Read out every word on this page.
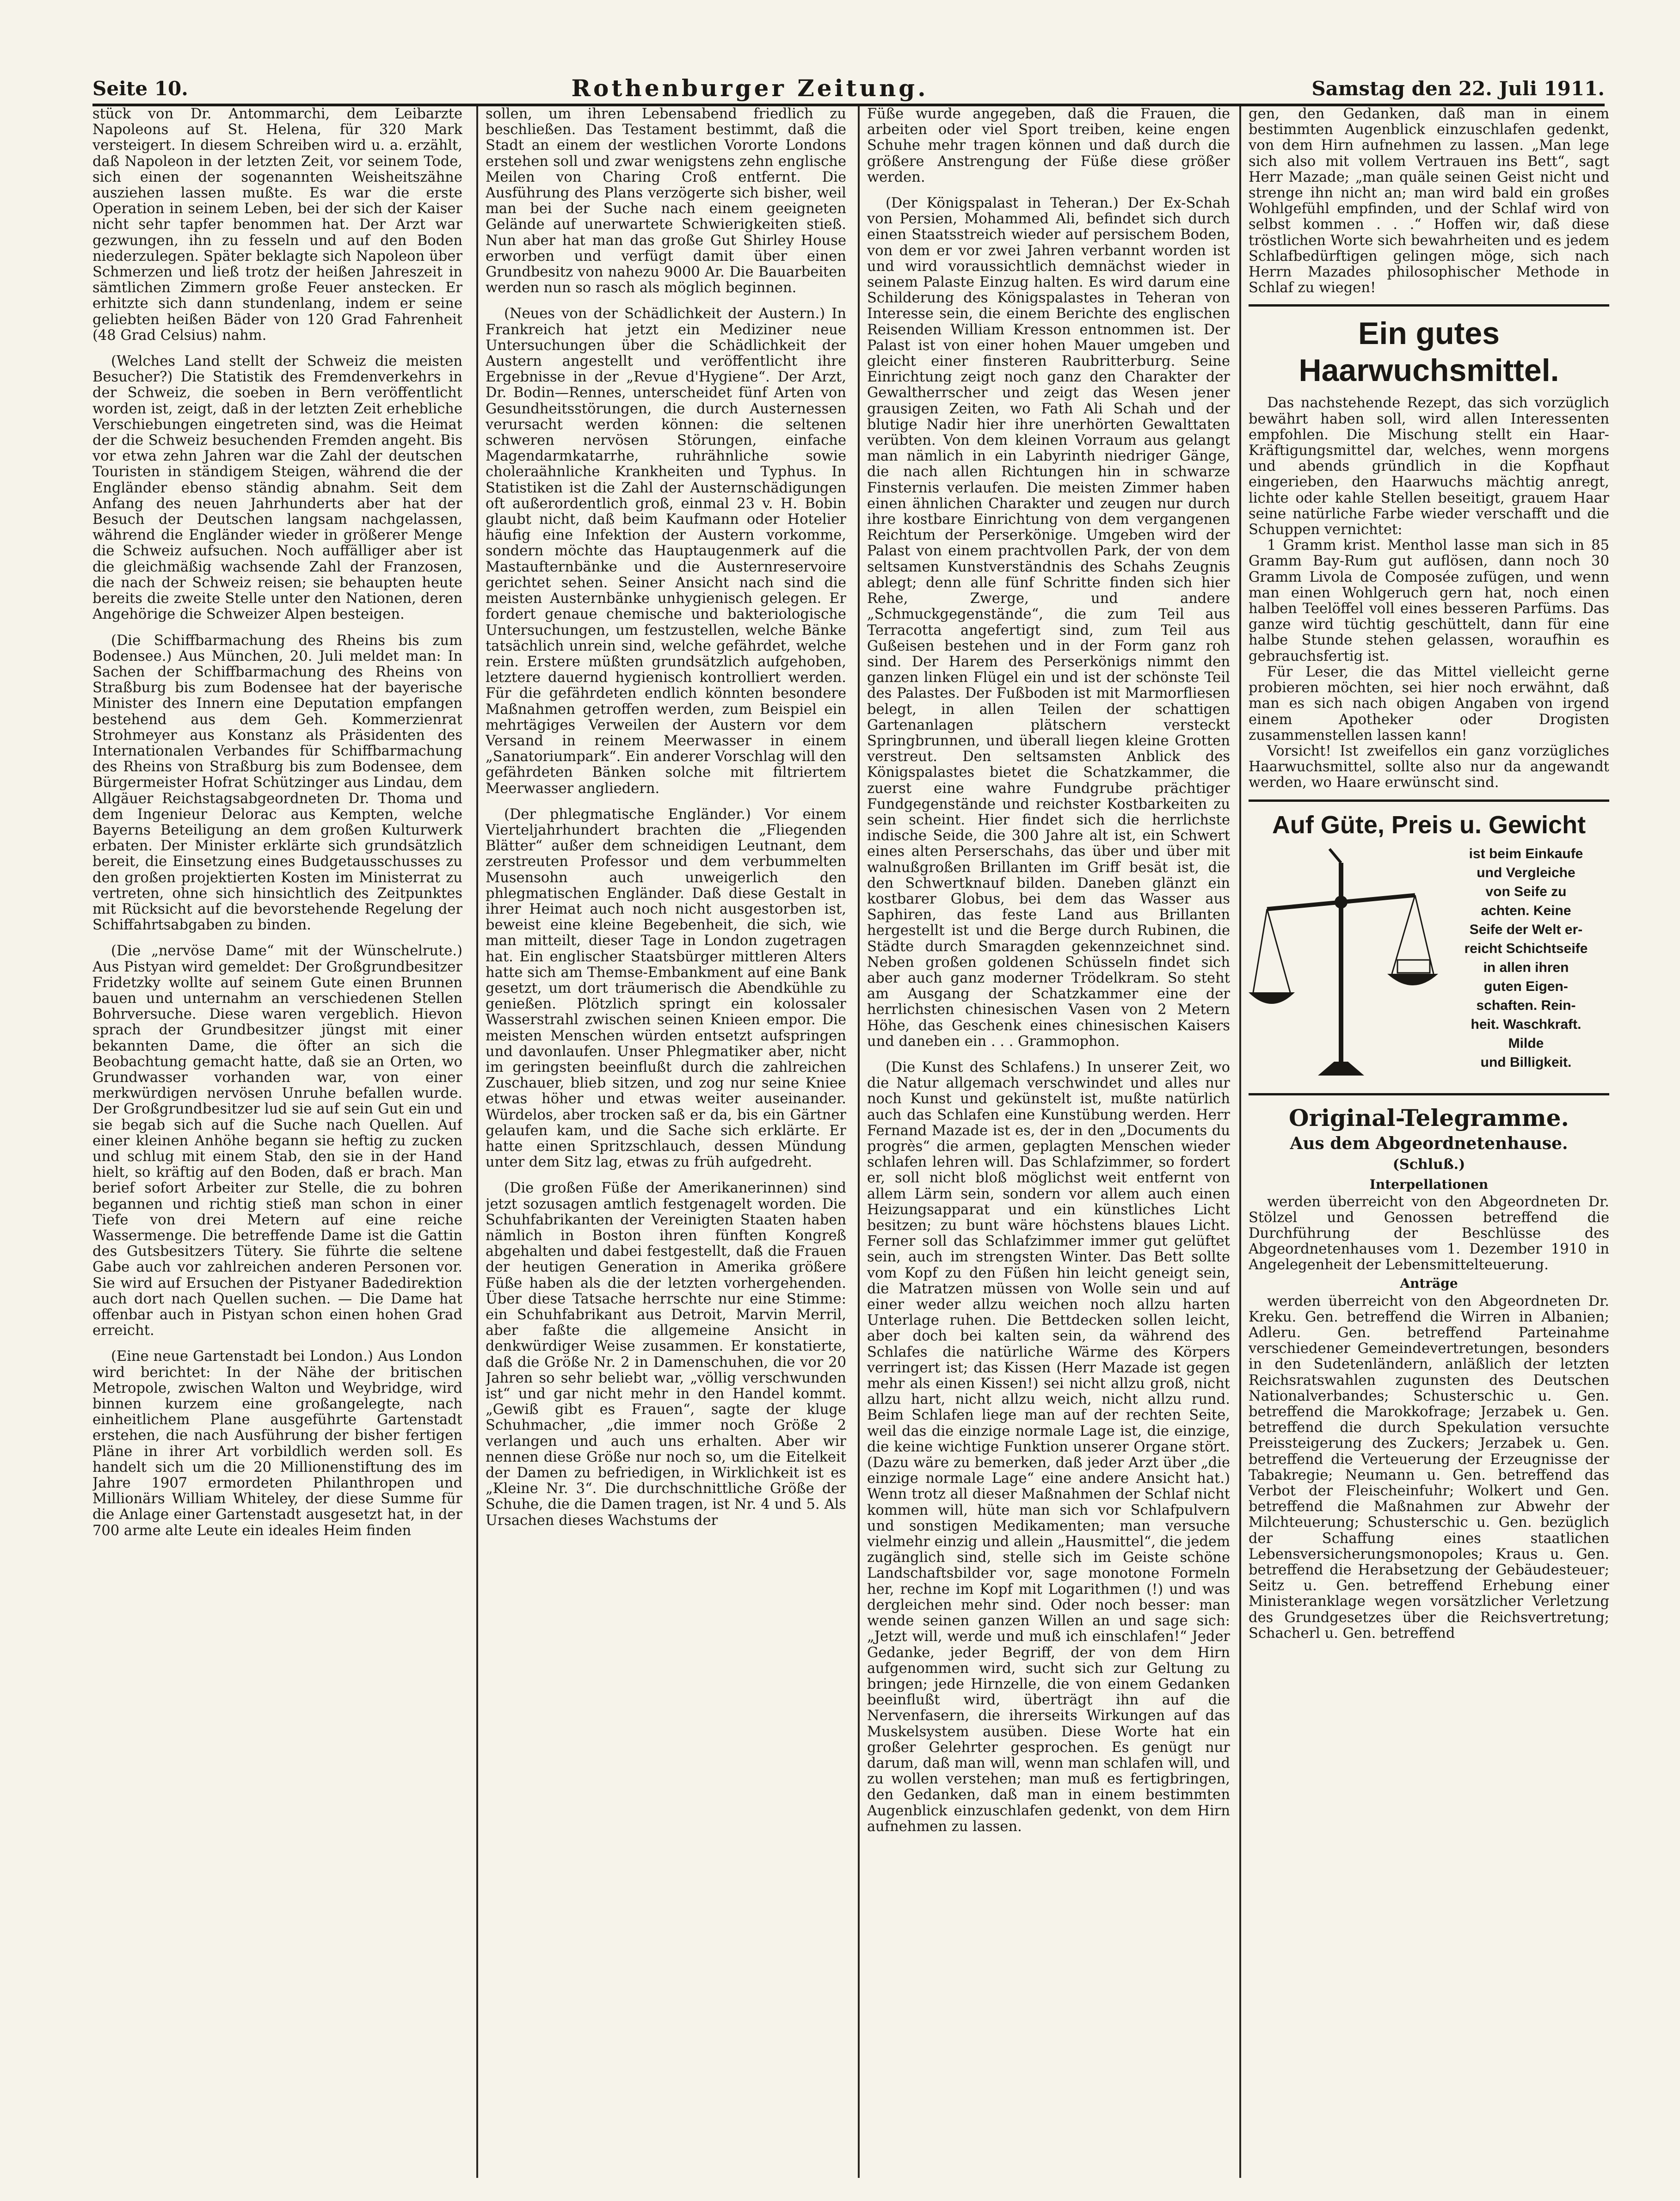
Seite 10.	Rothenburger Zeitung.	Samstag den 22. Juli 1911.

stück von Dr. Antommarchi, dem Leibarzte Napoleons auf St. Helena, für 320 Mark versteigert. In diesem Schreiben wird u. a. erzählt, daß Napoleon in der letzten Zeit, vor seinem Tode, sich einen der sogenannten Weisheitszähne ausziehen lassen mußte. Es war die erste Operation in seinem Leben, bei der sich der Kaiser nicht sehr tapfer benommen hat. Der Arzt war gezwungen, ihn zu fesseln und auf den Boden niederzulegen. Später beklagte sich Napoleon über Schmerzen und ließ trotz der heißen Jahreszeit in sämtlichen Zimmern große Feuer anstecken. Er erhitzte sich dann stundenlang, indem er seine geliebten heißen Bäder von 120 Grad Fahrenheit (48 Grad Celsius) nahm.

(Welches Land stellt der Schweiz die meisten Besucher?) Die Statistik des Fremdenverkehrs in der Schweiz, die soeben in Bern veröffentlicht worden ist, zeigt, daß in der letzten Zeit erhebliche Verschiebungen eingetreten sind, was die Heimat der die Schweiz besuchenden Fremden angeht. Bis vor etwa zehn Jahren war die Zahl der deutschen Touristen in ständigem Steigen, während die der Engländer ebenso ständig abnahm. Seit dem Anfang des neuen Jahrhunderts aber hat der Besuch der Deutschen langsam nachgelassen, während die Engländer wieder in größerer Menge die Schweiz aufsuchen. Noch auffälliger aber ist die gleichmäßig wachsende Zahl der Franzosen, die nach der Schweiz reisen; sie behaupten heute bereits die zweite Stelle unter den Nationen, deren Angehörige die Schweizer Alpen besteigen.

(Die Schiffbarmachung des Rheins bis zum Bodensee.) Aus München, 20. Juli meldet man: In Sachen der Schiffbarmachung des Rheins von Straßburg bis zum Bodensee hat der bayerische Minister des Innern eine Deputation empfangen bestehend aus dem Geh. Kommerzienrat Strohmeyer aus Konstanz als Präsidenten des Internationalen Verbandes für Schiffbarmachung des Rheins von Straßburg bis zum Bodensee, dem Bürgermeister Hofrat Schützinger aus Lindau, dem Allgäuer Reichstagsabgeordneten Dr. Thoma und dem Ingenieur Delorac aus Kempten, welche Bayerns Beteiligung an dem großen Kulturwerk erbaten. Der Minister erklärte sich grundsätzlich bereit, die Einsetzung eines Budgetausschusses zu den großen projektierten Kosten im Ministerrat zu vertreten, ohne sich hinsichtlich des Zeitpunktes mit Rücksicht auf die bevorstehende Regelung der Schiffahrtsabgaben zu binden.

(Die „nervöse Dame“ mit der Wünschelrute.) Aus Pistyan wird gemeldet: Der Großgrundbesitzer Fridetzky wollte auf seinem Gute einen Brunnen bauen und unternahm an verschiedenen Stellen Bohrversuche. Diese waren vergeblich. Hievon sprach der Grundbesitzer jüngst mit einer bekannten Dame, die öfter an sich die Beobachtung gemacht hatte, daß sie an Orten, wo Grundwasser vorhanden war, von einer merkwürdigen nervösen Unruhe befallen wurde. Der Großgrundbesitzer lud sie auf sein Gut ein und sie begab sich auf die Suche nach Quellen. Auf einer kleinen Anhöhe begann sie heftig zu zucken und schlug mit einem Stab, den sie in der Hand hielt, so kräftig auf den Boden, daß er brach. Man berief sofort Arbeiter zur Stelle, die zu bohren begannen und richtig stieß man schon in einer Tiefe von drei Metern auf eine reiche Wassermenge. Die betreffende Dame ist die Gattin des Gutsbesitzers Tütery. Sie führte die seltene Gabe auch vor zahlreichen anderen Personen vor. Sie wird auf Ersuchen der Pistyaner Badedirektion auch dort nach Quellen suchen. — Die Dame hat offenbar auch in Pistyan schon einen hohen Grad erreicht.

(Eine neue Gartenstadt bei London.) Aus London wird berichtet: In der Nähe der britischen Metropole, zwischen Walton und Weybridge, wird binnen kurzem eine großangelegte, nach einheitlichem Plane ausgeführte Gartenstadt erstehen, die nach Ausführung der bisher fertigen Pläne in ihrer Art vorbildlich werden soll. Es handelt sich um die 20 Millionenstiftung des im Jahre 1907 ermordeten Philanthropen und Millionärs William Whiteley, der diese Summe für die Anlage einer Gartenstadt ausgesetzt hat, in der 700 arme alte Leute ein ideales Heim finden

sollen, um ihren Lebensabend friedlich zu beschließen. Das Testament bestimmt, daß die Stadt an einem der westlichen Vororte Londons erstehen soll und zwar wenigstens zehn englische Meilen von Charing Croß entfernt. Die Ausführung des Plans verzögerte sich bisher, weil man bei der Suche nach einem geeigneten Gelände auf unerwartete Schwierigkeiten stieß. Nun aber hat man das große Gut Shirley House erworben und verfügt damit über einen Grundbesitz von nahezu 9000 Ar. Die Bauarbeiten werden nun so rasch als möglich beginnen.

(Neues von der Schädlichkeit der Austern.) In Frankreich hat jetzt ein Mediziner neue Untersuchungen über die Schädlichkeit der Austern angestellt und veröffentlicht ihre Ergebnisse in der „Revue d'Hygiene“. Der Arzt, Dr. Bodin—Rennes, unterscheidet fünf Arten von Gesundheitsstörungen, die durch Austernessen verursacht werden können: die seltenen schweren nervösen Störungen, einfache Magendarmkatarrhe, ruhrähnliche sowie choleraähnliche Krankheiten und Typhus. In Statistiken ist die Zahl der Austernschädigungen oft außerordentlich groß, einmal 23 v. H. Bobin glaubt nicht, daß beim Kaufmann oder Hotelier häufig eine Infektion der Austern vorkomme, sondern möchte das Hauptaugenmerk auf die Mastaufternbänke und die Austernreservoire gerichtet sehen. Seiner Ansicht nach sind die meisten Austernbänke unhygienisch gelegen. Er fordert genaue chemische und bakteriologische Untersuchungen, um festzustellen, welche Bänke tatsächlich unrein sind, welche gefährdet, welche rein. Erstere müßten grundsätzlich aufgehoben, letztere dauernd hygienisch kontrolliert werden. Für die gefährdeten endlich könnten besondere Maßnahmen getroffen werden, zum Beispiel ein mehrtägiges Verweilen der Austern vor dem Versand in reinem Meerwasser in einem „Sanatoriumpark“. Ein anderer Vorschlag will den gefährdeten Bänken solche mit filtriertem Meerwasser angliedern.

(Der phlegmatische Engländer.) Vor einem Vierteljahrhundert brachten die „Fliegenden Blätter“ außer dem schneidigen Leutnant, dem zerstreuten Professor und dem verbummelten Musensohn auch unweigerlich den phlegmatischen Engländer. Daß diese Gestalt in ihrer Heimat auch noch nicht ausgestorben ist, beweist eine kleine Begebenheit, die sich, wie man mitteilt, dieser Tage in London zugetragen hat. Ein englischer Staatsbürger mittleren Alters hatte sich am Themse-Embankment auf eine Bank gesetzt, um dort träumerisch die Abendkühle zu genießen. Plötzlich springt ein kolossaler Wasserstrahl zwischen seinen Knieen empor. Die meisten Menschen würden entsetzt aufspringen und davonlaufen. Unser Phlegmatiker aber, nicht im geringsten beeinflußt durch die zahlreichen Zuschauer, blieb sitzen, und zog nur seine Kniee etwas höher und etwas weiter auseinander. Würdelos, aber trocken saß er da, bis ein Gärtner gelaufen kam, und die Sache sich erklärte. Er hatte einen Spritzschlauch, dessen Mündung unter dem Sitz lag, etwas zu früh aufgedreht.

(Die großen Füße der Amerikanerinnen) sind jetzt sozusagen amtlich festgenagelt worden. Die Schuhfabrikanten der Vereinigten Staaten haben nämlich in Boston ihren fünften Kongreß abgehalten und dabei festgestellt, daß die Frauen der heutigen Generation in Amerika größere Füße haben als die der letzten vorhergehenden. Über diese Tatsache herrschte nur eine Stimme: ein Schuhfabrikant aus Detroit, Marvin Merril, aber faßte die allgemeine Ansicht in denkwürdiger Weise zusammen. Er konstatierte, daß die Größe Nr. 2 in Damenschuhen, die vor 20 Jahren so sehr beliebt war, „völlig verschwunden ist“ und gar nicht mehr in den Handel kommt. „Gewiß gibt es Frauen“, sagte der kluge Schuhmacher, „die immer noch Größe 2 verlangen und auch uns erhalten. Aber wir nennen diese Größe nur noch so, um die Eitelkeit der Damen zu befriedigen, in Wirklichkeit ist es „Kleine Nr. 3“. Die durchschnittliche Größe der Schuhe, die die Damen tragen, ist Nr. 4 und 5. Als Ursachen dieses Wachstums der

Füße wurde angegeben, daß die Frauen, die arbeiten oder viel Sport treiben, keine engen Schuhe mehr tragen können und daß durch die größere Anstrengung der Füße diese größer werden.

(Der Königspalast in Teheran.) Der Ex-Schah von Persien, Mohammed Ali, befindet sich durch einen Staatsstreich wieder auf persischem Boden, von dem er vor zwei Jahren verbannt worden ist und wird voraussichtlich demnächst wieder in seinem Palaste Einzug halten. Es wird darum eine Schilderung des Königspalastes in Teheran von Interesse sein, die einem Berichte des englischen Reisenden William Kresson entnommen ist. Der Palast ist von einer hohen Mauer umgeben und gleicht einer finsteren Raubritterburg. Seine Einrichtung zeigt noch ganz den Charakter der Gewaltherrscher und zeigt das Wesen jener grausigen Zeiten, wo Fath Ali Schah und der blutige Nadir hier ihre unerhörten Gewalttaten verübten. Von dem kleinen Vorraum aus gelangt man nämlich in ein Labyrinth niedriger Gänge, die nach allen Richtungen hin in schwarze Finsternis verlaufen. Die meisten Zimmer haben einen ähnlichen Charakter und zeugen nur durch ihre kostbare Einrichtung von dem vergangenen Reichtum der Perserkönige. Umgeben wird der Palast von einem prachtvollen Park, der von dem seltsamen Kunstverständnis des Schahs Zeugnis ablegt; denn alle fünf Schritte finden sich hier Rehe, Zwerge, und andere „Schmuckgegenstände“, die zum Teil aus Terracotta angefertigt sind, zum Teil aus Gußeisen bestehen und in der Form ganz roh sind. Der Harem des Perserkönigs nimmt den ganzen linken Flügel ein und ist der schönste Teil des Palastes. Der Fußboden ist mit Marmorfliesen belegt, in allen Teilen der schattigen Gartenanlagen plätschern versteckt Springbrunnen, und überall liegen kleine Grotten verstreut. Den seltsamsten Anblick des Königspalastes bietet die Schatzkammer, die zuerst eine wahre Fundgrube prächtiger Fundgegenstände und reichster Kostbarkeiten zu sein scheint. Hier findet sich die herrlichste indische Seide, die 300 Jahre alt ist, ein Schwert eines alten Perserschahs, das über und über mit walnußgroßen Brillanten im Griff besät ist, die den Schwertknauf bilden. Daneben glänzt ein kostbarer Globus, bei dem das Wasser aus Saphiren, das feste Land aus Brillanten hergestellt ist und die Berge durch Rubinen, die Städte durch Smaragden gekennzeichnet sind. Neben großen goldenen Schüsseln findet sich aber auch ganz moderner Trödelkram. So steht am Ausgang der Schatzkammer eine der herrlichsten chinesischen Vasen von 2 Metern Höhe, das Geschenk eines chinesischen Kaisers und daneben ein . . . Grammophon.

(Die Kunst des Schlafens.) In unserer Zeit, wo die Natur allgemach verschwindet und alles nur noch Kunst und gekünstelt ist, mußte natürlich auch das Schlafen eine Kunstübung werden. Herr Fernand Mazade ist es, der in den „Documents du progrès“ die armen, geplagten Menschen wieder schlafen lehren will. Das Schlafzimmer, so fordert er, soll nicht bloß möglichst weit entfernt von allem Lärm sein, sondern vor allem auch einen Heizungsapparat und ein künstliches Licht besitzen; zu bunt wäre höchstens blaues Licht. Ferner soll das Schlafzimmer immer gut gelüftet sein, auch im strengsten Winter. Das Bett sollte vom Kopf zu den Füßen hin leicht geneigt sein, die Matratzen müssen von Wolle sein und auf einer weder allzu weichen noch allzu harten Unterlage ruhen. Die Bettdecken sollen leicht, aber doch bei kalten sein, da während des Schlafes die natürliche Wärme des Körpers verringert ist; das Kissen (Herr Mazade ist gegen mehr als einen Kissen!) sei nicht allzu groß, nicht allzu hart, nicht allzu weich, nicht allzu rund. Beim Schlafen liege man auf der rechten Seite, weil das die einzige normale Lage ist, die einzige, die keine wichtige Funktion unserer Organe stört. (Dazu wäre zu bemerken, daß jeder Arzt über „die einzige normale Lage“ eine andere Ansicht hat.) Wenn trotz all dieser Maßnahmen der Schlaf nicht kommen will, hüte man sich vor Schlafpulvern und sonstigen Medikamenten; man versuche vielmehr einzig und allein „Hausmittel“, die jedem zugänglich sind, stelle sich im Geiste schöne Landschaftsbilder vor, sage monotone Formeln her, rechne im Kopf mit Logarithmen (!) und was dergleichen mehr sind. Oder noch besser: man wende seinen ganzen Willen an und sage sich: „Jetzt will, werde und muß ich einschlafen!“ Jeder Gedanke, jeder Begriff, der von dem Hirn aufgenommen wird, sucht sich zur Geltung zu bringen; jede Hirnzelle, die von einem Gedanken beeinflußt wird, überträgt ihn auf die Nervenfasern, die ihrerseits Wirkungen auf das Muskelsystem ausüben. Diese Worte hat ein großer Gelehrter gesprochen. Es genügt nur darum, daß man will, wenn man schlafen will, und zu wollen verstehen; man muß es fertigbringen, den Gedanken, daß man in einem bestimmten Augenblick einzuschlafen gedenkt, von dem Hirn aufnehmen zu lassen.

gen, den Gedanken, daß man in einem bestimmten Augenblick einzuschlafen gedenkt, von dem Hirn aufnehmen zu lassen. „Man lege sich also mit vollem Vertrauen ins Bett“, sagt Herr Mazade; „man quäle seinen Geist nicht und strenge ihn nicht an; man wird bald ein großes Wohlgefühl empfinden, und der Schlaf wird von selbst kommen . . .“ Hoffen wir, daß diese tröstlichen Worte sich bewahrheiten und es jedem Schlafbedürftigen gelingen möge, sich nach Herrn Mazades philosophischer Methode in Schlaf zu wiegen!

Ein gutes Haarwuchsmittel.

Das nachstehende Rezept, das sich vorzüglich bewährt haben soll, wird allen Interessenten empfohlen. Die Mischung stellt ein Haar-Kräftigungsmittel dar, welches, wenn morgens und abends gründlich in die Kopfhaut eingerieben, den Haarwuchs mächtig anregt, lichte oder kahle Stellen beseitigt, grauem Haar seine natürliche Farbe wieder verschafft und die Schuppen vernichtet:

1 Gramm krist. Menthol lasse man sich in 85 Gramm Bay-Rum gut auflösen, dann noch 30 Gramm Livola de Composée zufügen, und wenn man einen Wohlgeruch gern hat, noch einen halben Teelöffel voll eines besseren Parfüms. Das ganze wird tüchtig geschüttelt, dann für eine halbe Stunde stehen gelassen, woraufhin es gebrauchsfertig ist.

Für Leser, die das Mittel vielleicht gerne probieren möchten, sei hier noch erwähnt, daß man es sich nach obigen Angaben von irgend einem Apotheker oder Drogisten zusammenstellen lassen kann!

Vorsicht! Ist zweifellos ein ganz vorzügliches Haarwuchsmittel, sollte also nur da angewandt werden, wo Haare erwünscht sind.

Auf Güte, Preis u. Gewicht
ist beim Einkaufe
und Vergleiche
von Seife zu
achten. Keine
Seife der Welt er-
reicht Schichtseife
in allen ihren
guten Eigen-
schaften. Rein-
heit. Waschkraft.
Milde
und Billigkeit.
Original-Telegramme.
Aus dem Abgeordnetenhause.
(Schluß.)
Interpellationen

werden überreicht von den Abgeordneten Dr. Stölzel und Genossen betreffend die Durchführung der Beschlüsse des Abgeordnetenhauses vom 1. Dezember 1910 in Angelegenheit der Lebensmittelteuerung.

Anträge

werden überreicht von den Abgeordneten Dr. Kreku. Gen. betreffend die Wirren in Albanien; Adleru. Gen. betreffend Parteinahme verschiedener Gemeindevertretungen, besonders in den Sudetenländern, anläßlich der letzten Reichsratswahlen zugunsten des Deutschen Nationalverbandes; Schusterschic u. Gen. betreffend die Marokkofrage; Jerzabek u. Gen. betreffend die durch Spekulation versuchte Preissteigerung des Zuckers; Jerzabek u. Gen. betreffend die Verteuerung der Erzeugnisse der Tabakregie; Neumann u. Gen. betreffend das Verbot der Fleischeinfuhr; Wolkert und Gen. betreffend die Maßnahmen zur Abwehr der Milchteuerung; Schusterschic u. Gen. bezüglich der Schaffung eines staatlichen Lebensversicherungsmonopoles; Kraus u. Gen. betreffend die Herabsetzung der Gebäudesteuer; Seitz u. Gen. betreffend Erhebung einer Ministeranklage wegen vorsätzlicher Verletzung des Grundgesetzes über die Reichsvertretung; Schacherl u. Gen. betreffend
